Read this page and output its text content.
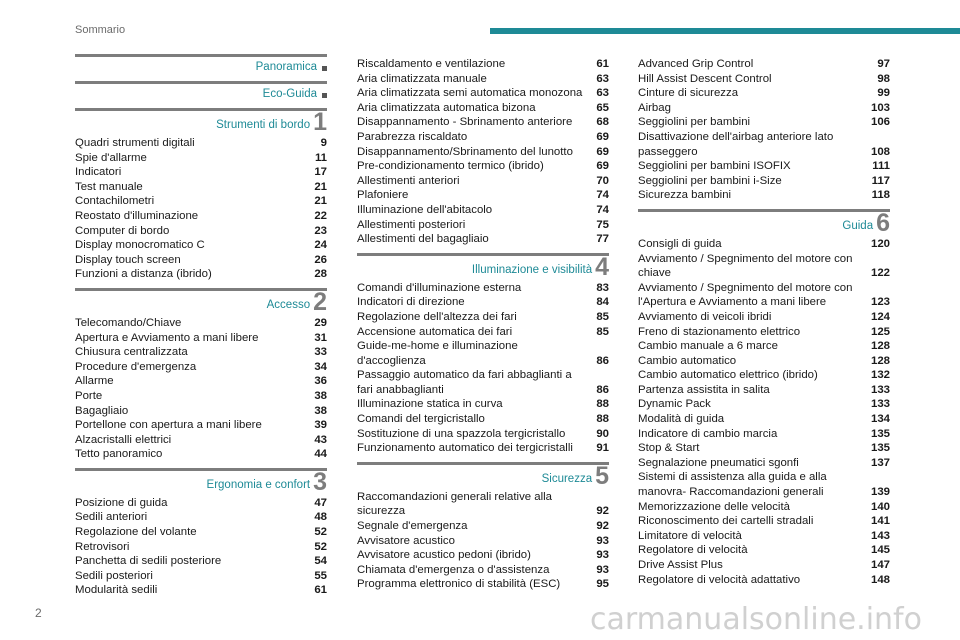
Sommario
Panoramica
Eco-Guida
Strumenti di bordo 1
Quadri strumenti digitali	9
Spie d'allarme	11
Indicatori	17
Test manuale	21
Contachilometri	21
Reostato d'illuminazione	22
Computer di bordo	23
Display monocromatico C	24
Display touch screen	26
Funzioni a distanza (ibrido)	28
Accesso 2
Telecomando/Chiave	29
Apertura e Avviamento a mani libere	31
Chiusura centralizzata	33
Procedure d'emergenza	34
Allarme	36
Porte	38
Bagagliaio	38
Portellone con apertura a mani libere	39
Alzacristalli elettrici	43
Tetto panoramico	44
Ergonomia e confort 3
Posizione di guida	47
Sedili anteriori	48
Regolazione del volante	52
Retrovisori	52
Panchetta di sedili posteriore	54
Sedili posteriori	55
Modularità sedili	61
Riscaldamento e ventilazione	61
Aria climatizzata manuale	63
Aria climatizzata semi automatica monozona	63
Aria climatizzata automatica bizona	65
Disappannamento - Sbrinamento anteriore	68
Parabrezza riscaldato	69
Disappannamento/Sbrinamento del lunotto	69
Pre-condizionamento termico (ibrido)	69
Allestimenti anteriori	70
Plafoniere	74
Illuminazione dell'abitacolo	74
Allestimenti posteriori	75
Allestimenti del bagagliaio	77
Illuminazione e visibilità 4
Comandi d'illuminazione esterna	83
Indicatori di direzione	84
Regolazione dell'altezza dei fari	85
Accensione automatica dei fari	85
Guide-me-home e illuminazione d'accoglienza	86
Passaggio automatico da fari abbaglianti a fari anabbaglianti	86
Illuminazione statica in curva	88
Comandi del tergicristallo	88
Sostituzione di una spazzola tergicristallo	90
Funzionamento automatico dei tergicristalli	91
Sicurezza 5
Raccomandazioni generali relative alla sicurezza	92
Segnale d'emergenza	92
Avvisatore acustico	93
Avvisatore acustico pedoni (ibrido)	93
Chiamata d'emergenza o d'assistenza	93
Programma elettronico di stabilità (ESC)	95
Advanced Grip Control	97
Hill Assist Descent Control	98
Cinture di sicurezza	99
Airbag	103
Seggiolini per bambini	106
Disattivazione dell'airbag anteriore lato passeggero	108
Seggiolini per bambini ISOFIX	111
Seggiolini per bambini i-Size	117
Sicurezza bambini	118
Guida 6
Consigli di guida	120
Avviamento / Spegnimento del motore con chiave	122
Avviamento / Spegnimento del motore con l'Apertura e Avviamento a mani libere	123
Avviamento di veicoli ibridi	124
Freno di stazionamento elettrico	125
Cambio manuale a 6 marce	128
Cambio automatico	128
Cambio automatico elettrico (ibrido)	132
Partenza assistita in salita	133
Dynamic Pack	133
Modalità di guida	134
Indicatore di cambio marcia	135
Stop & Start	135
Segnalazione pneumatici sgonfi	137
Sistemi di assistenza alla guida e alla manovra- Raccomandazioni generali	139
Memorizzazione delle velocità	140
Riconoscimento dei cartelli stradali	141
Limitatore di velocità	143
Regolatore di velocità	145
Drive Assist Plus	147
Regolatore di velocità adattativo	148
2	carmanualsonline.info
